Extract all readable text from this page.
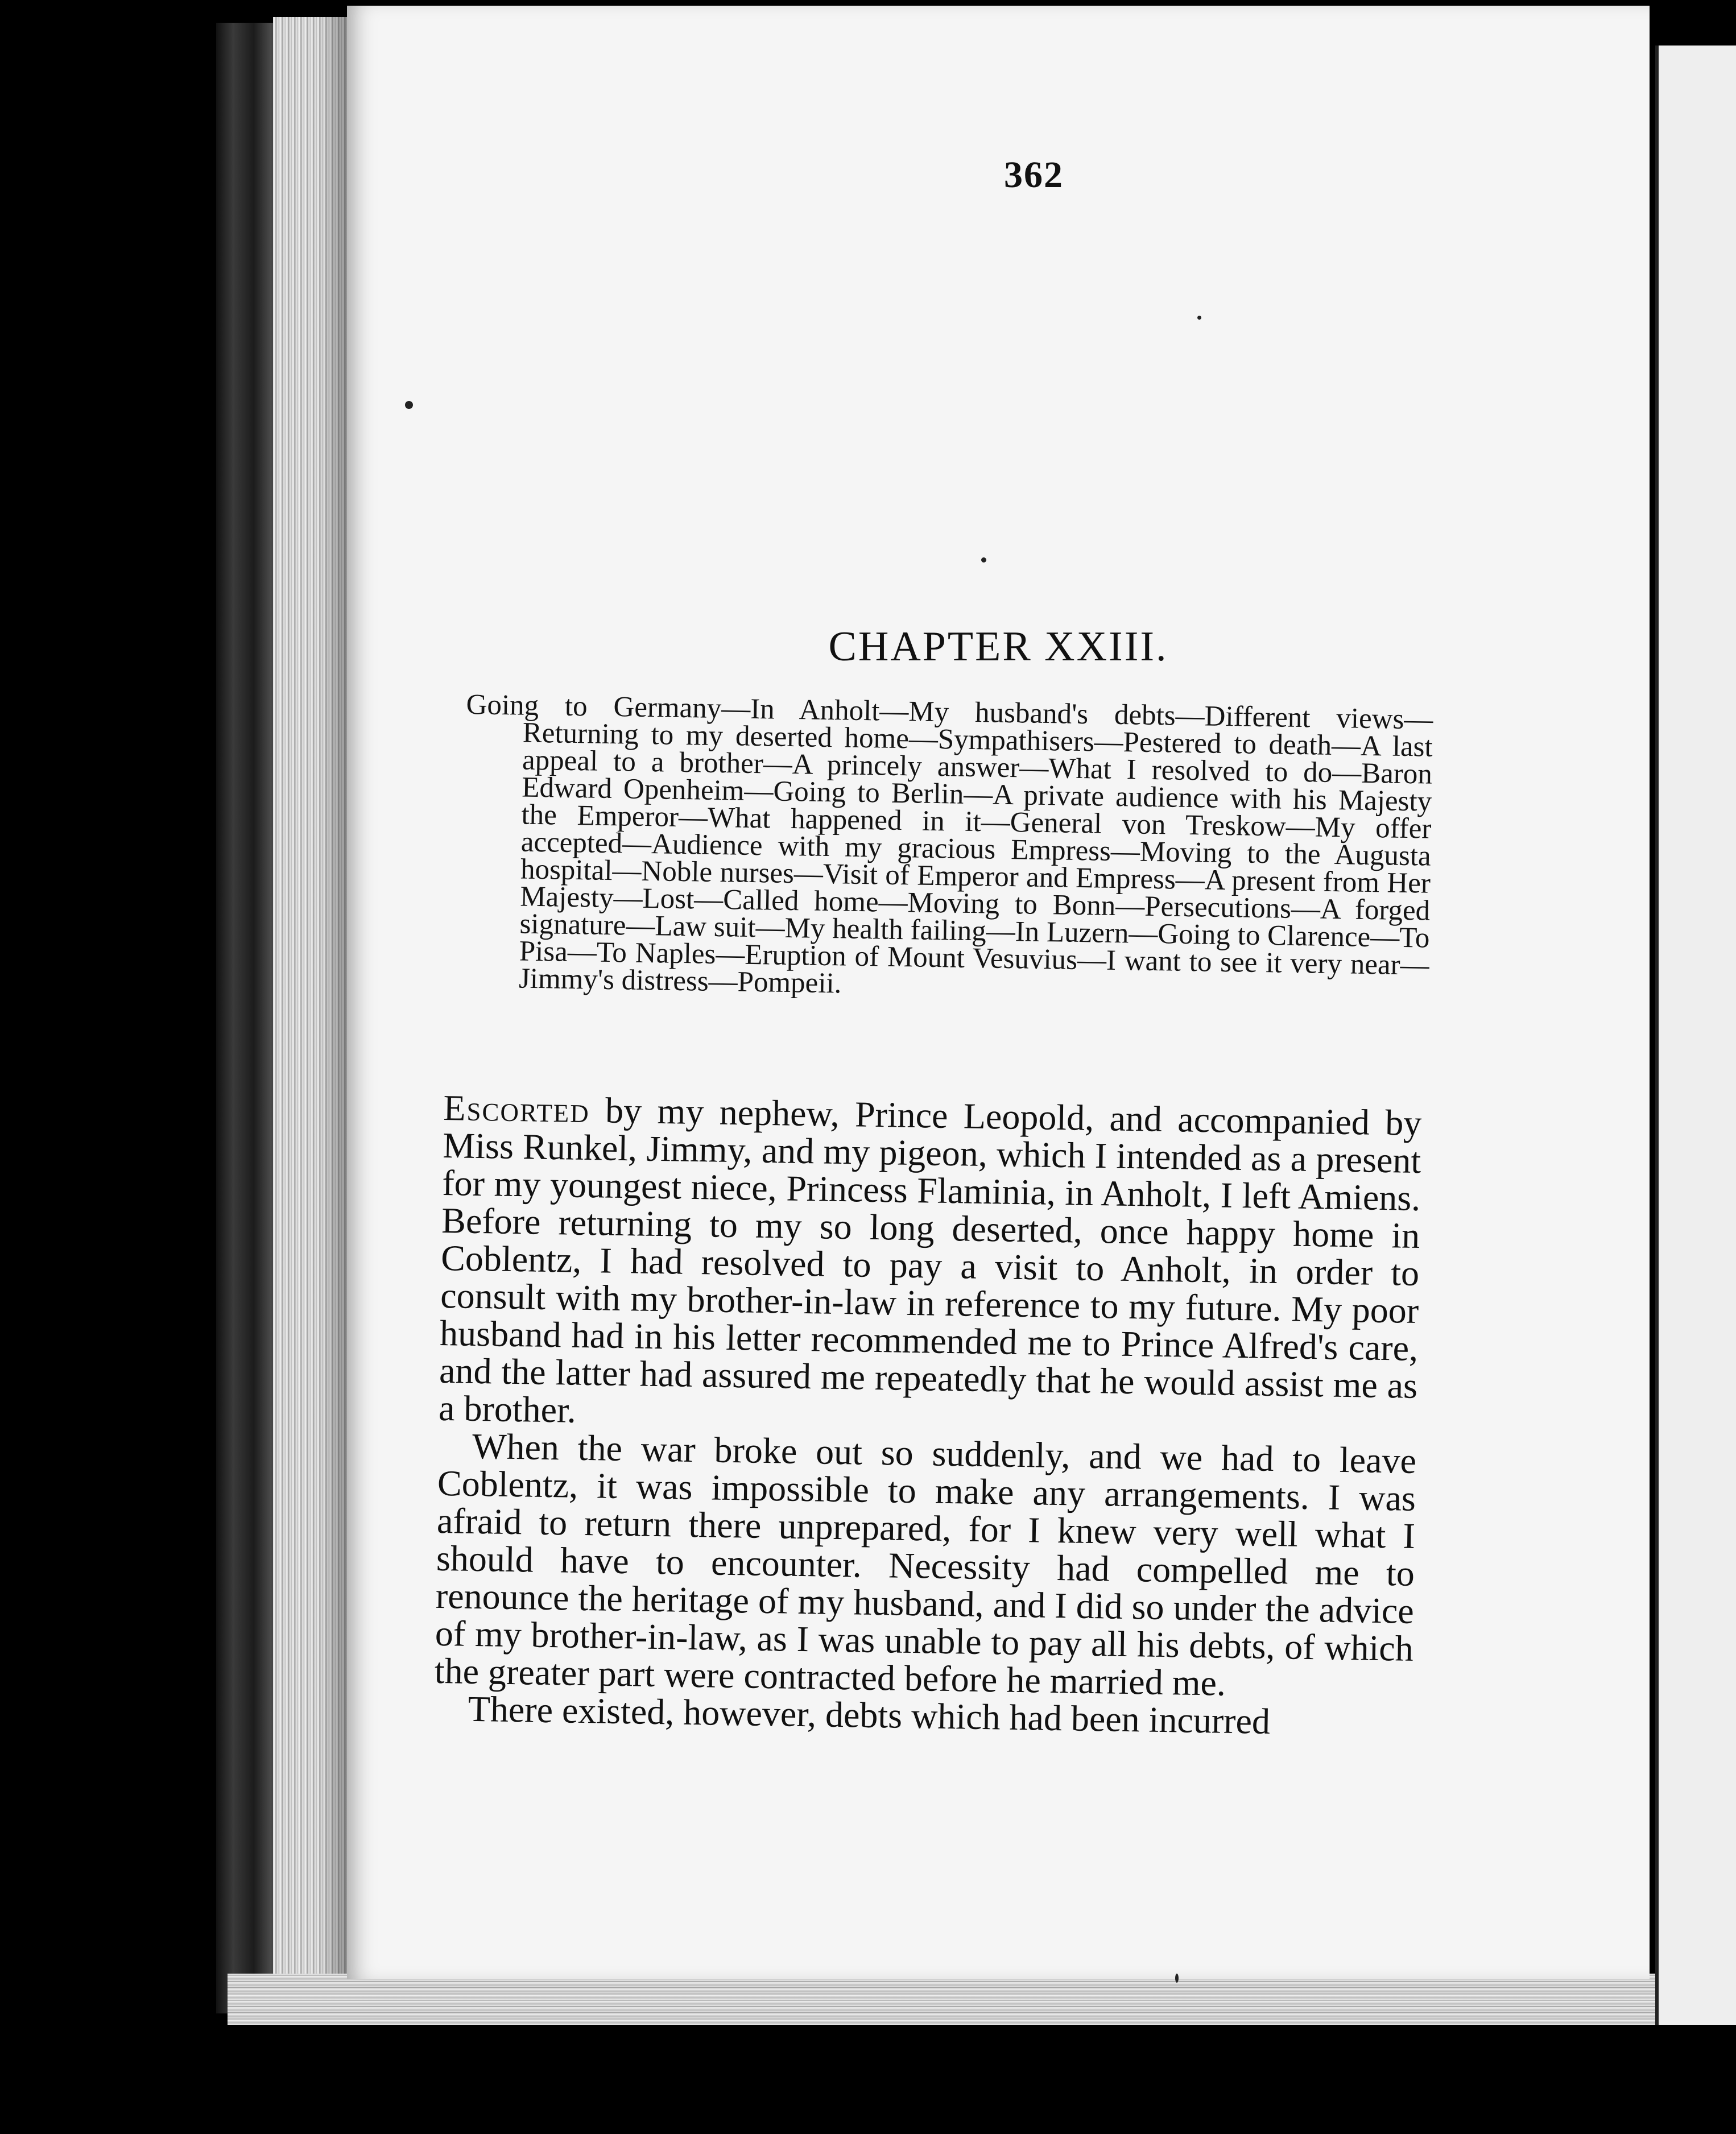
362
CHAPTER XXIII.
Going to Germany—In Anholt—My husband's debts—Different views—Returning to my deserted home—Sympathisers—Pestered to death—A last appeal to a brother—A princely answer—What I resolved to do—Baron Edward Openheim—Going to Berlin—A private audience with his Majesty the Emperor—What happened in it—General von Treskow—My offer accepted—Audience with my gracious Empress—Moving to the Augusta hospital—Noble nurses—Visit of Emperor and Empress—A present from Her Majesty—Lost—Called home—Moving to Bonn—Persecutions—A forged signature—Law suit—My health failing—In Luzern—Going to Clarence—To Pisa—To Naples—Eruption of Mount Vesuvius—I want to see it very near—Jimmy's distress—Pompeii.

Escorted by my nephew, Prince Leopold, and accompanied by Miss Runkel, Jimmy, and my pigeon, which I intended as a present for my youngest niece, Princess Flaminia, in Anholt, I left Amiens. Before returning to my so long deserted, once happy home in Coblentz, I had resolved to pay a visit to Anholt, in order to consult with my brother-in-law in reference to my future. My poor husband had in his letter recommended me to Prince Alfred's care, and the latter had assured me repeatedly that he would assist me as a brother.

When the war broke out so suddenly, and we had to leave Coblentz, it was impossible to make any arrangements. I was afraid to return there unprepared, for I knew very well what I should have to encounter. Necessity had compelled me to renounce the heritage of my husband, and I did so under the advice of my brother-in-law, as I was unable to pay all his debts, of which the greater part were contracted before he married me.

There existed, however, debts which had been incurred
